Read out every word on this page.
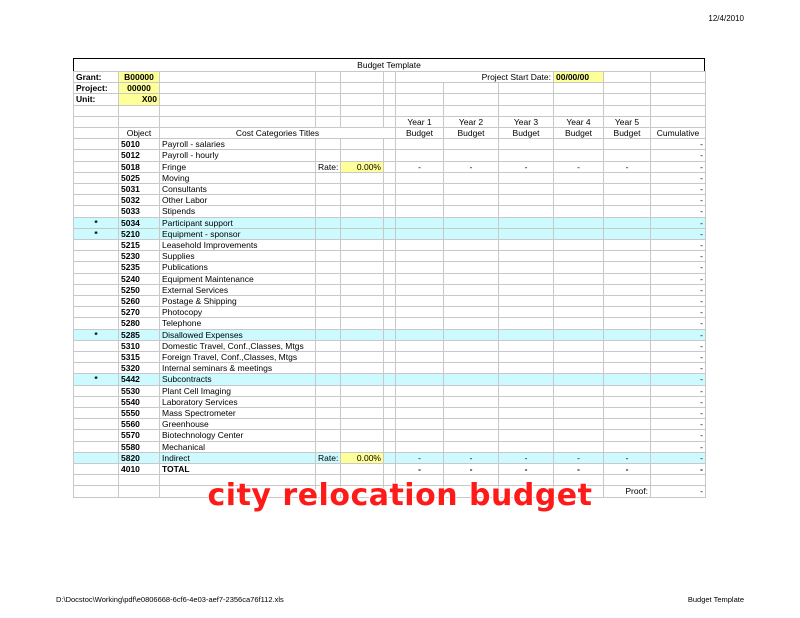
12/4/2010
Budget Template
Grant:	B00000					Project Start Date:			00/00/00		
Project:	00000										
Unit:	X00										

						Year 1	Year 2	Year 3	Year 4	Year 5	
	Object	Cost Categories Titles				Budget	Budget	Budget	Budget	Budget	Cumulative
	5010	Payroll - salaries									-
	5012	Payroll - hourly									-
	5018	Fringe	Rate:	0.00%		-	-	-	-	-	-
	5025	Moving									-
	5031	Consultants									-
	5032	Other Labor									-
	5033	Stipends									-
*	5034	Participant support									-
*	5210	Equipment - sponsor									-
	5215	Leasehold Improvements									-
	5230	Supplies									-
	5235	Publications									-
	5240	Equipment Maintenance									-
	5250	External Services									-
	5260	Postage & Shipping									-
	5270	Photocopy									-
	5280	Telephone									-
*	5285	Disallowed Expenses									-
	5310	Domestic Travel, Conf.,Classes, Mtgs									-
	5315	Foreign Travel, Conf.,Classes, Mtgs									-
	5320	Internal seminars & meetings									-
*	5442	Subcontracts									-
	5530	Plant Cell Imaging									-
	5540	Laboratory Services									-
	5550	Mass Spectrometer									-
	5560	Greenhouse									-
	5570	Biotechnology Center									-
	5580	Mechanical									-
	5820	Indirect	Rate:	0.00%		-	-	-	-	-	-
	4010	TOTAL				-	-	-	-	-	-

										Proof:	-
city relocation budget
D:\Docstoc\Working\pdf\e0806668-6cf6-4e03-aef7-2356ca76f112.xls	Budget Template
